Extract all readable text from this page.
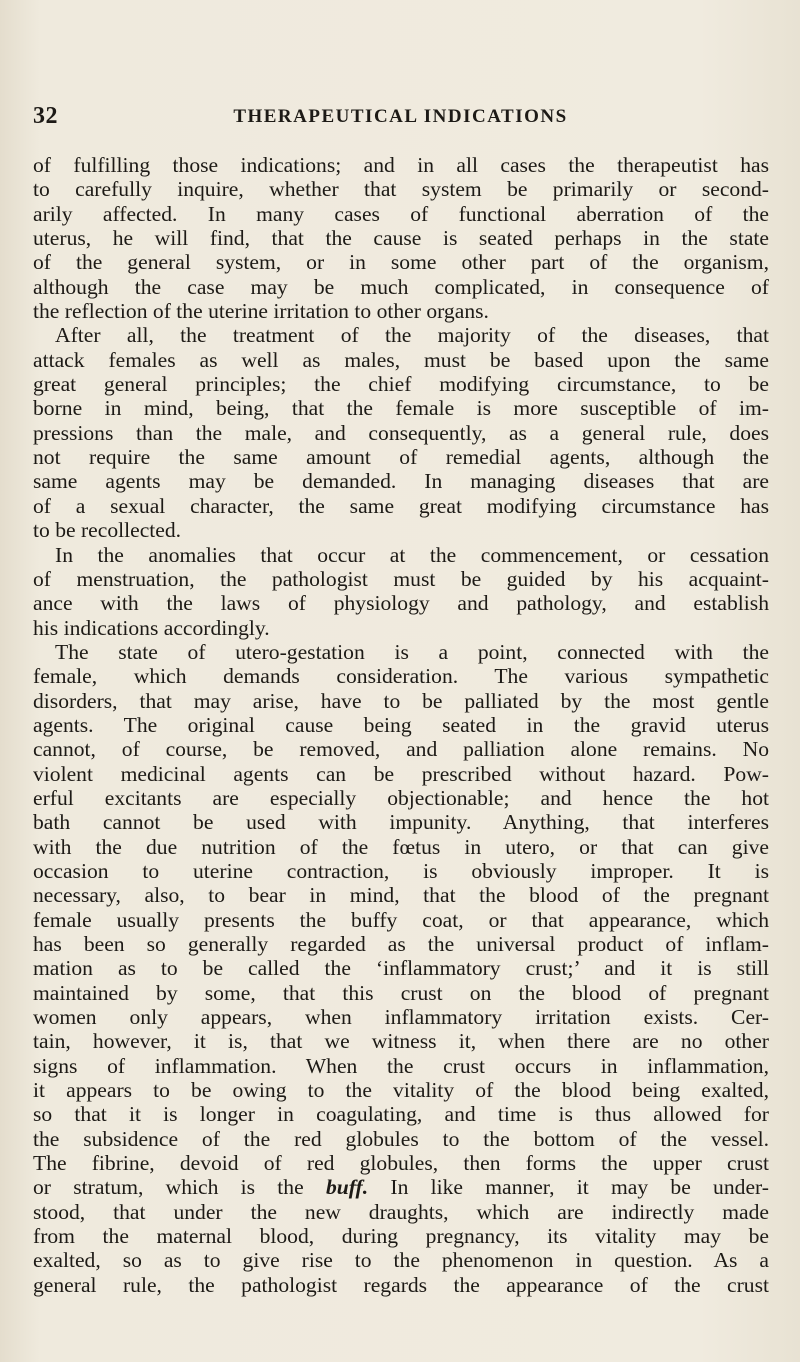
32	THERAPEUTICAL INDICATIONS
of fulfilling those indications; and in all cases the therapeutist has
to carefully inquire, whether that system be primarily or second-
arily affected. In many cases of functional aberration of the
uterus, he will find, that the cause is seated perhaps in the state
of the general system, or in some other part of the organism,
although the case may be much complicated, in consequence of
the reflection of the uterine irritation to other organs.
After all, the treatment of the majority of the diseases, that
attack females as well as males, must be based upon the same
great general principles; the chief modifying circumstance, to be
borne in mind, being, that the female is more susceptible of im-
pressions than the male, and consequently, as a general rule, does
not require the same amount of remedial agents, although the
same agents may be demanded. In managing diseases that are
of a sexual character, the same great modifying circumstance has
to be recollected.
In the anomalies that occur at the commencement, or cessation
of menstruation, the pathologist must be guided by his acquaint-
ance with the laws of physiology and pathology, and establish
his indications accordingly.
The state of utero-gestation is a point, connected with the
female, which demands consideration. The various sympathetic
disorders, that may arise, have to be palliated by the most gentle
agents. The original cause being seated in the gravid uterus
cannot, of course, be removed, and palliation alone remains. No
violent medicinal agents can be prescribed without hazard. Pow-
erful excitants are especially objectionable; and hence the hot
bath cannot be used with impunity. Anything, that interferes
with the due nutrition of the fœtus in utero, or that can give
occasion to uterine contraction, is obviously improper. It is
necessary, also, to bear in mind, that the blood of the pregnant
female usually presents the buffy coat, or that appearance, which
has been so generally regarded as the universal product of inflam-
mation as to be called the ‘inflammatory crust;’ and it is still
maintained by some, that this crust on the blood of pregnant
women only appears, when inflammatory irritation exists. Cer-
tain, however, it is, that we witness it, when there are no other
signs of inflammation. When the crust occurs in inflammation,
it appears to be owing to the vitality of the blood being exalted,
so that it is longer in coagulating, and time is thus allowed for
the subsidence of the red globules to the bottom of the vessel.
The fibrine, devoid of red globules, then forms the upper crust
or stratum, which is the buff. In like manner, it may be under-
stood, that under the new draughts, which are indirectly made
from the maternal blood, during pregnancy, its vitality may be
exalted, so as to give rise to the phenomenon in question. As a
general rule, the pathologist regards the appearance of the crust
